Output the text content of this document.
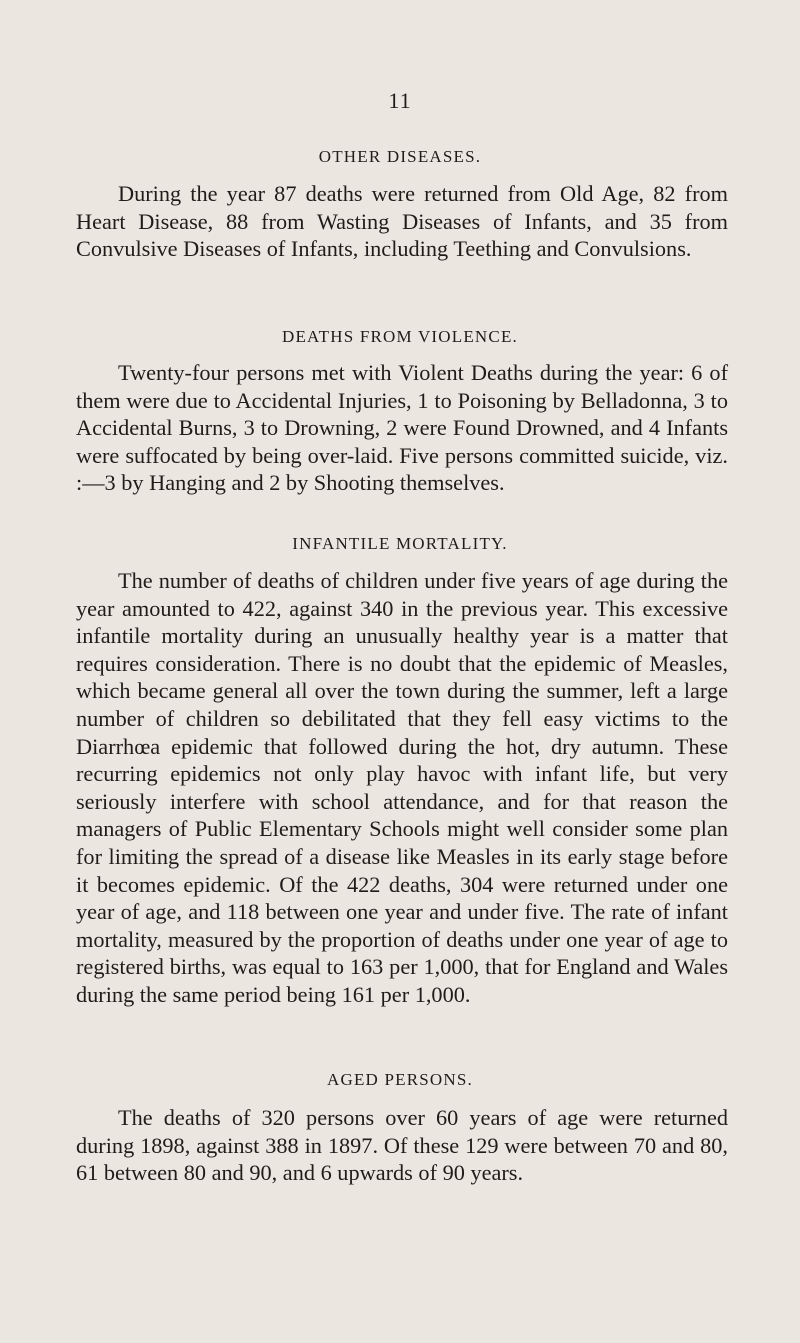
11
OTHER DISEASES.

During the year 87 deaths were returned from Old Age, 82 from Heart Disease, 88 from Wasting Diseases of Infants, and 35 from Convulsive Diseases of Infants, including Teething and Convulsions.

DEATHS FROM VIOLENCE.

Twenty-four persons met with Violent Deaths during the year: 6 of them were due to Accidental Injuries, 1 to Poisoning by Belladonna, 3 to Accidental Burns, 3 to Drowning, 2 were Found Drowned, and 4 Infants were suffocated by being over-laid. Five persons committed suicide, viz. :—3 by Hanging and 2 by Shooting themselves.

INFANTILE MORTALITY.

The number of deaths of children under five years of age during the year amounted to 422, against 340 in the previous year. This excessive infantile mortality during an unusually healthy year is a matter that requires consideration. There is no doubt that the epidemic of Measles, which became general all over the town during the summer, left a large number of children so debilitated that they fell easy victims to the Diarrhœa epidemic that followed during the hot, dry autumn. These recurring epidemics not only play havoc with infant life, but very seriously interfere with school attendance, and for that reason the managers of Public Elementary Schools might well consider some plan for limiting the spread of a disease like Measles in its early stage before it becomes epidemic. Of the 422 deaths, 304 were returned under one year of age, and 118 between one year and under five. The rate of infant mortality, measured by the proportion of deaths under one year of age to registered births, was equal to 163 per 1,000, that for England and Wales during the same period being 161 per 1,000.

AGED PERSONS.

The deaths of 320 persons over 60 years of age were returned during 1898, against 388 in 1897. Of these 129 were between 70 and 80, 61 between 80 and 90, and 6 upwards of 90 years.
